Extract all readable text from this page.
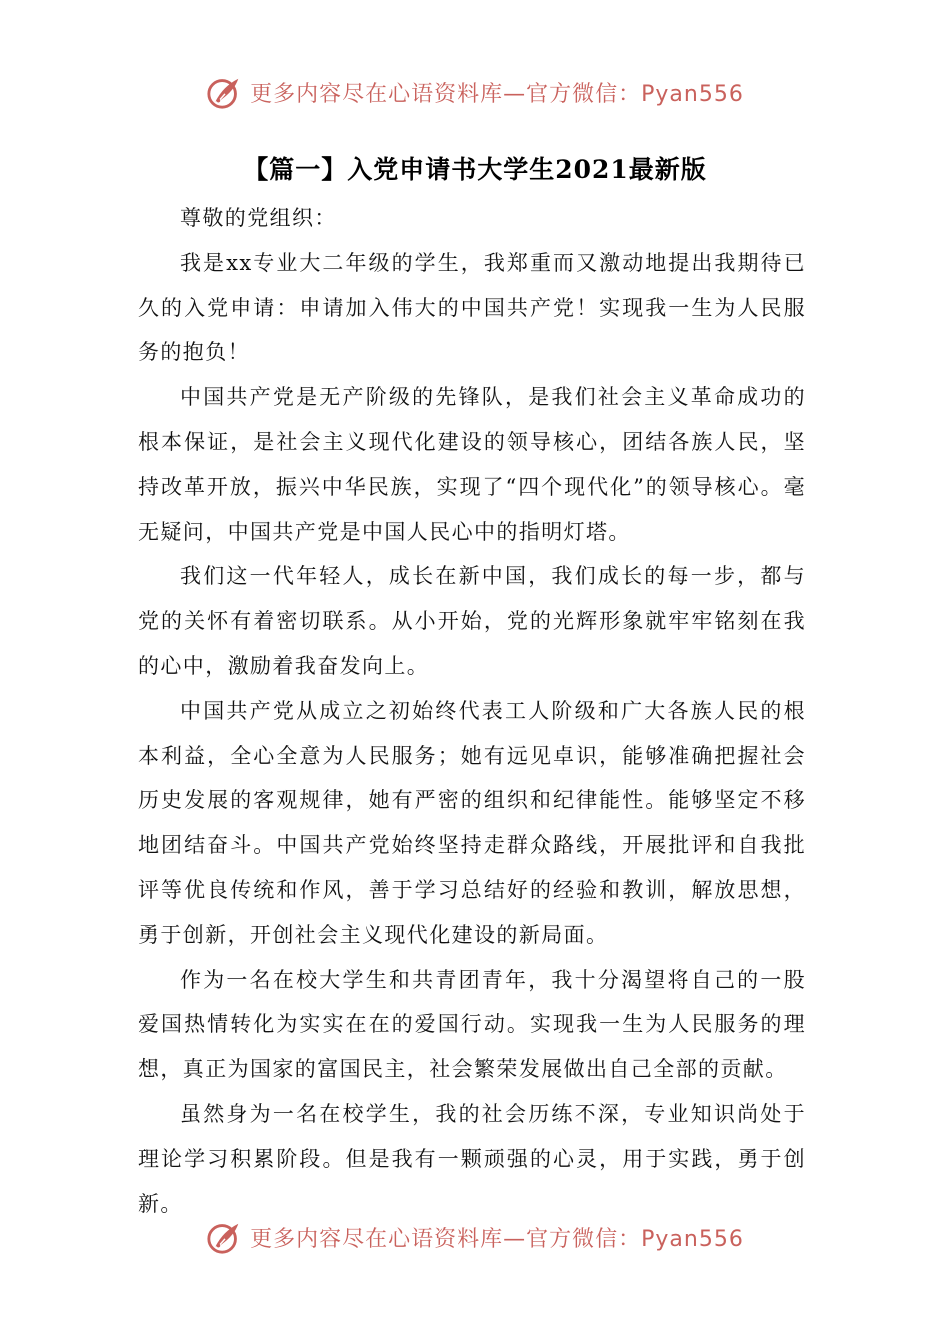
更多内容尽在心语资料库—官方微信：Pyan556
【篇一】入党申请书大学生2021最新版

尊敬的党组织：

我是xx专业大二年级的学生，我郑重而又激动地提出我期待已久的入党申请：申请加入伟大的中国共产党！实现我一生为人民服务的抱负！

中国共产党是无产阶级的先锋队，是我们社会主义革命成功的根本保证，是社会主义现代化建设的领导核心，团结各族人民，坚持改革开放，振兴中华民族，实现了“四个现代化”的领导核心。毫无疑问，中国共产党是中国人民心中的指明灯塔。

我们这一代年轻人，成长在新中国，我们成长的每一步，都与党的关怀有着密切联系。从小开始，党的光辉形象就牢牢铭刻在我的心中，激励着我奋发向上。

中国共产党从成立之初始终代表工人阶级和广大各族人民的根本利益，全心全意为人民服务；她有远见卓识，能够准确把握社会历史发展的客观规律，她有严密的组织和纪律能性。能够坚定不移地团结奋斗。中国共产党始终坚持走群众路线，开展批评和自我批评等优良传统和作风，善于学习总结好的经验和教训，解放思想，勇于创新，开创社会主义现代化建设的新局面。

作为一名在校大学生和共青团青年，我十分渴望将自己的一股爱国热情转化为实实在在的爱国行动。实现我一生为人民服务的理想，真正为国家的富国民主，社会繁荣发展做出自己全部的贡献。

虽然身为一名在校学生，我的社会历练不深，专业知识尚处于理论学习积累阶段。但是我有一颗顽强的心灵，用于实践，勇于创新。

更多内容尽在心语资料库—官方微信：Pyan556
